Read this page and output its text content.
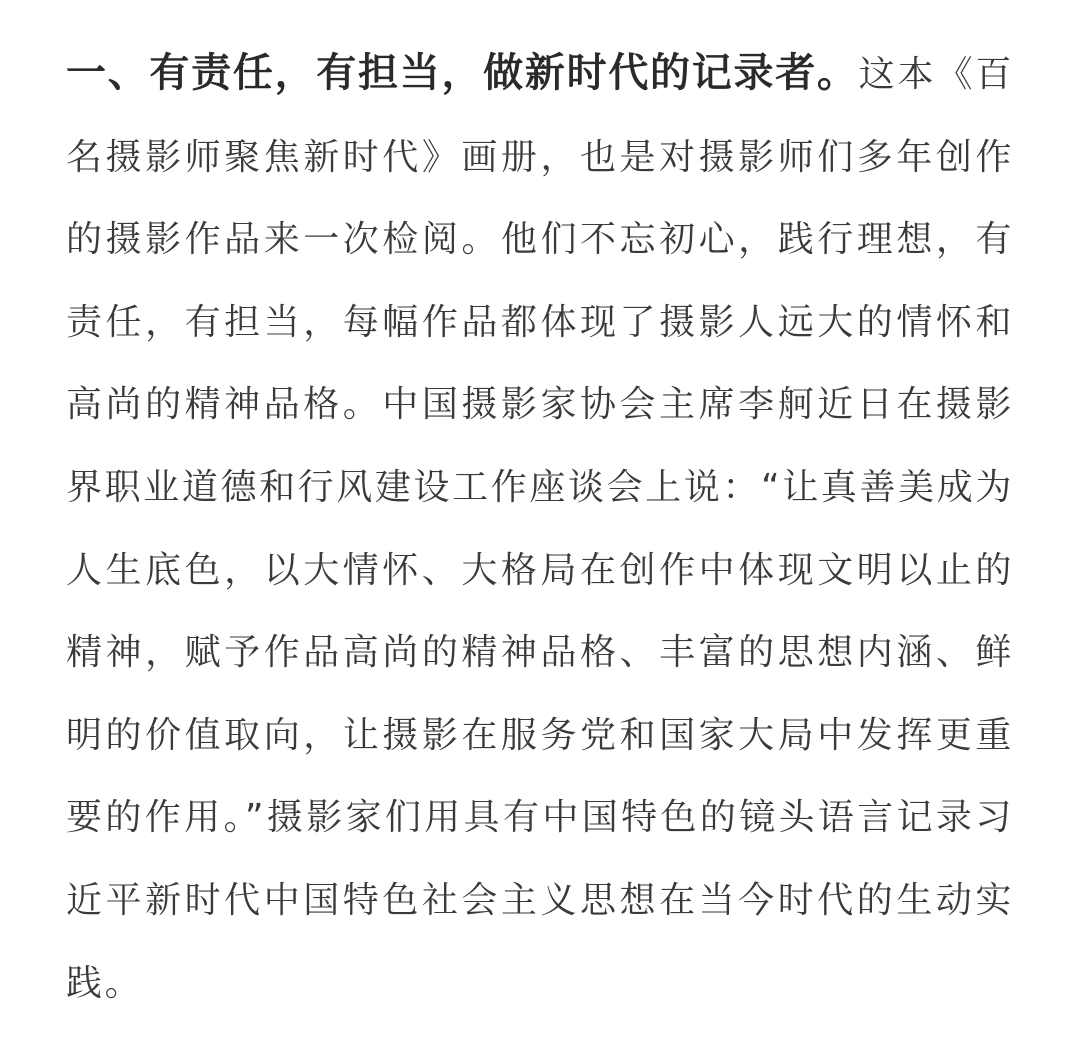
一、有责任，有担当，做新时代的记录者。这本《百名摄影师聚焦新时代》画册，也是对摄影师们多年创作的摄影作品来一次检阅。他们不忘初心，践行理想，有责任，有担当，每幅作品都体现了摄影人远大的情怀和高尚的精神品格。中国摄影家协会主席李舸近日在摄影界职业道德和行风建设工作座谈会上说：“让真善美成为人生底色，以大情怀、大格局在创作中体现文明以止的精神，赋予作品高尚的精神品格、丰富的思想内涵、鲜明的价值取向，让摄影在服务党和国家大局中发挥更重要的作用。”摄影家们用具有中国特色的镜头语言记录习近平新时代中国特色社会主义思想在当今时代的生动实践。
